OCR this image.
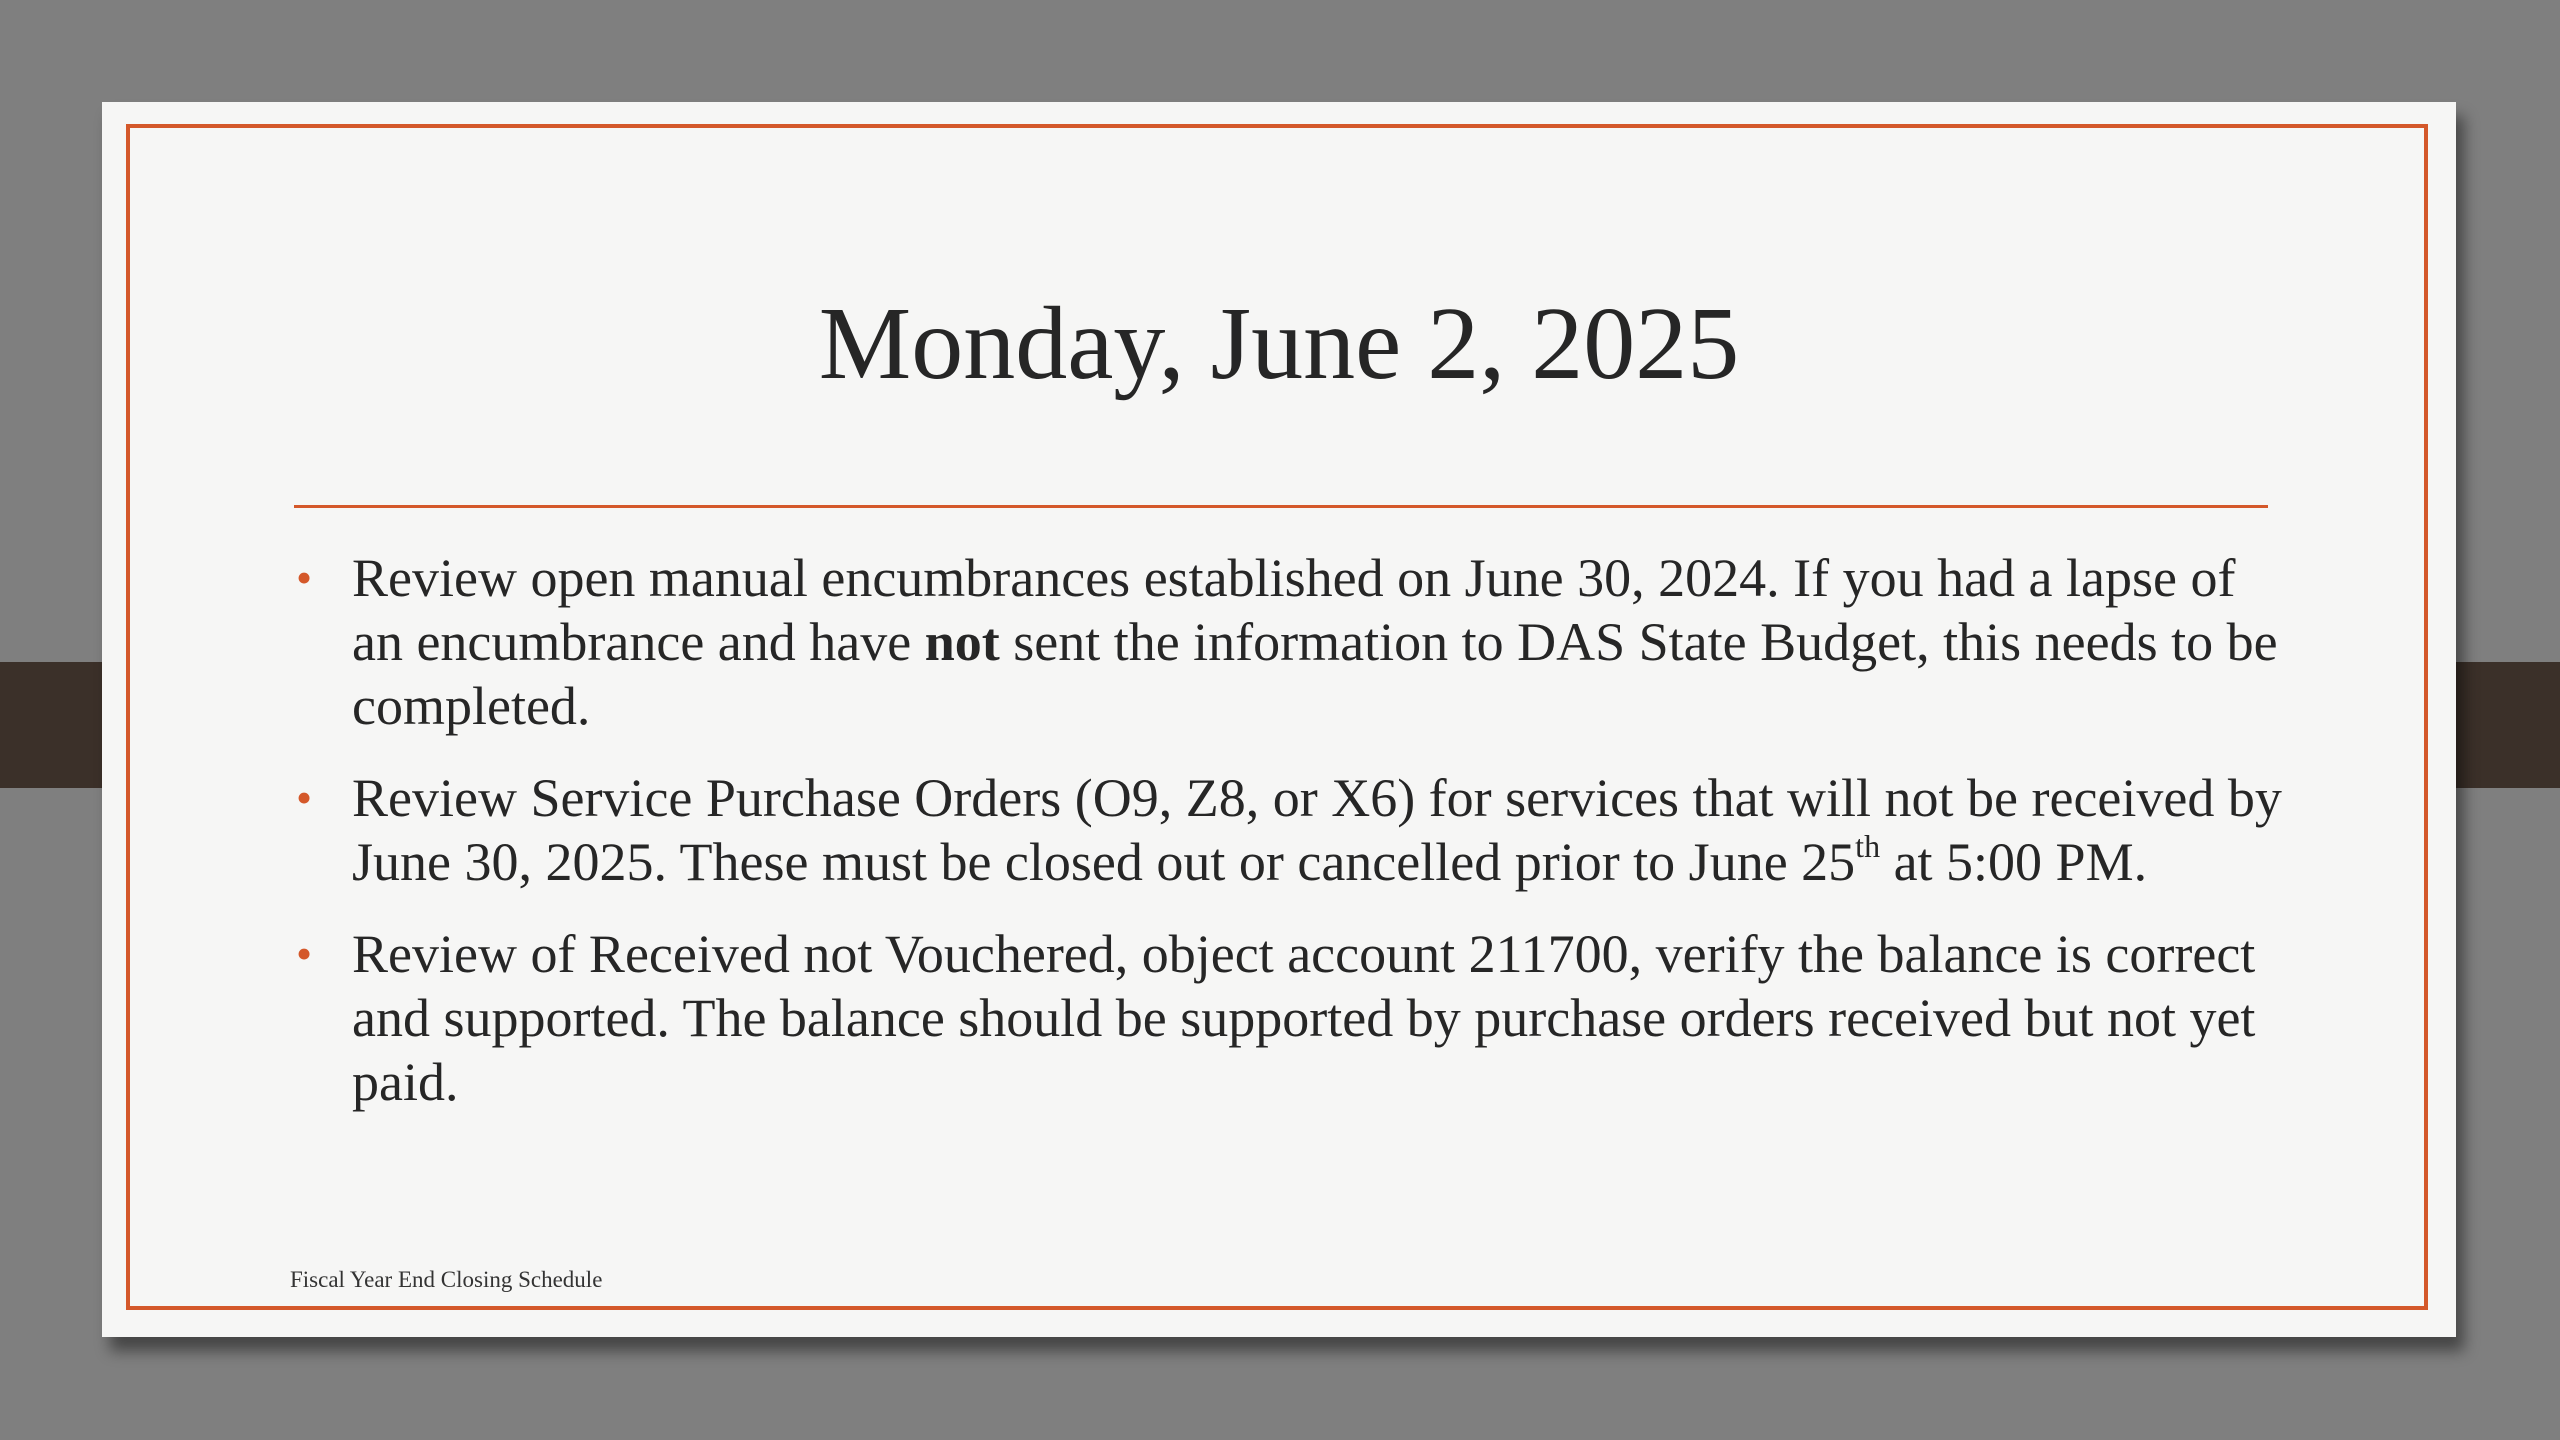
Monday, June 2, 2025
• Review open manual encumbrances established on June 30, 2024. If you had a lapse of an encumbrance and have not sent the information to DAS State Budget, this needs to be completed.
• Review Service Purchase Orders (O9, Z8, or X6) for services that will not be received by June 30, 2025. These must be closed out or cancelled prior to June 25th at 5:00 PM.
• Review of Received not Vouchered, object account 211700, verify the balance is correct and supported. The balance should be supported by purchase orders received but not yet paid.
Fiscal Year End Closing Schedule
